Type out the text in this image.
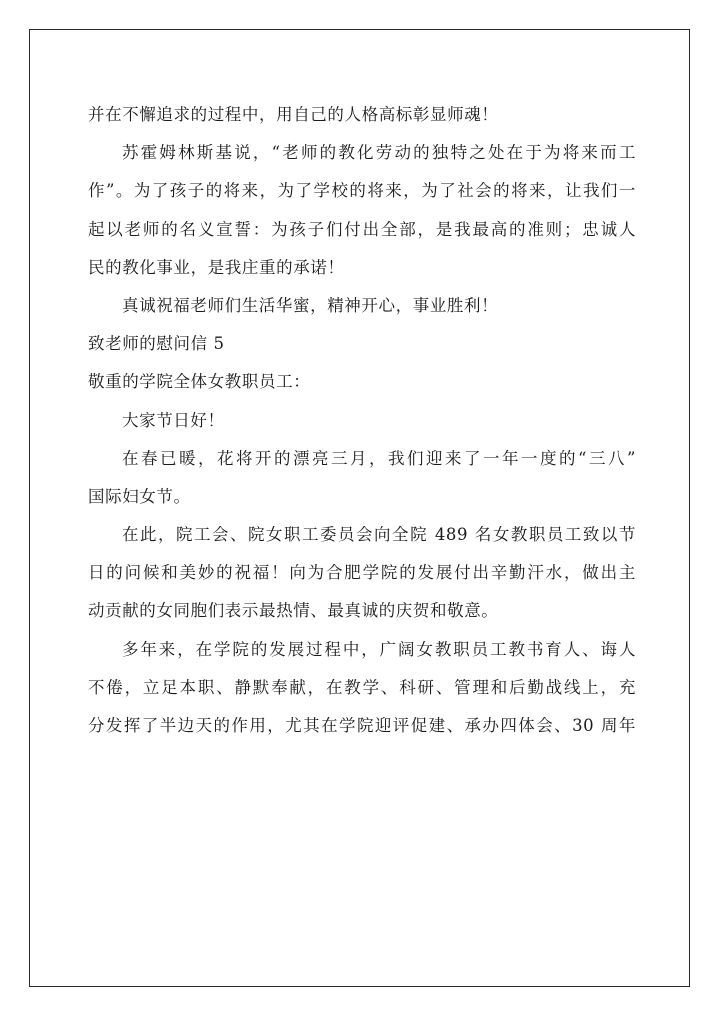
并在不懈追求的过程中，用自己的人格高标彰显师魂！
苏霍姆林斯基说，“老师的教化劳动的独特之处在于为将来而工
作”。为了孩子的将来，为了学校的将来，为了社会的将来，让我们一
起以老师的名义宣誓：为孩子们付出全部，是我最高的准则；忠诚人
民的教化事业，是我庄重的承诺！
真诚祝福老师们生活华蜜，精神开心，事业胜利！
致老师的慰问信 5
敬重的学院全体女教职员工：
大家节日好！
在春已暖，花将开的漂亮三月，我们迎来了一年一度的“三八”
国际妇女节。
在此，院工会、院女职工委员会向全院 489 名女教职员工致以节
日的问候和美妙的祝福！向为合肥学院的发展付出辛勤汗水，做出主
动贡献的女同胞们表示最热情、最真诚的庆贺和敬意。
多年来，在学院的发展过程中，广阔女教职员工教书育人、诲人
不倦，立足本职、静默奉献，在教学、科研、管理和后勤战线上，充
分发挥了半边天的作用，尤其在学院迎评促建、承办四体会、30 周年
